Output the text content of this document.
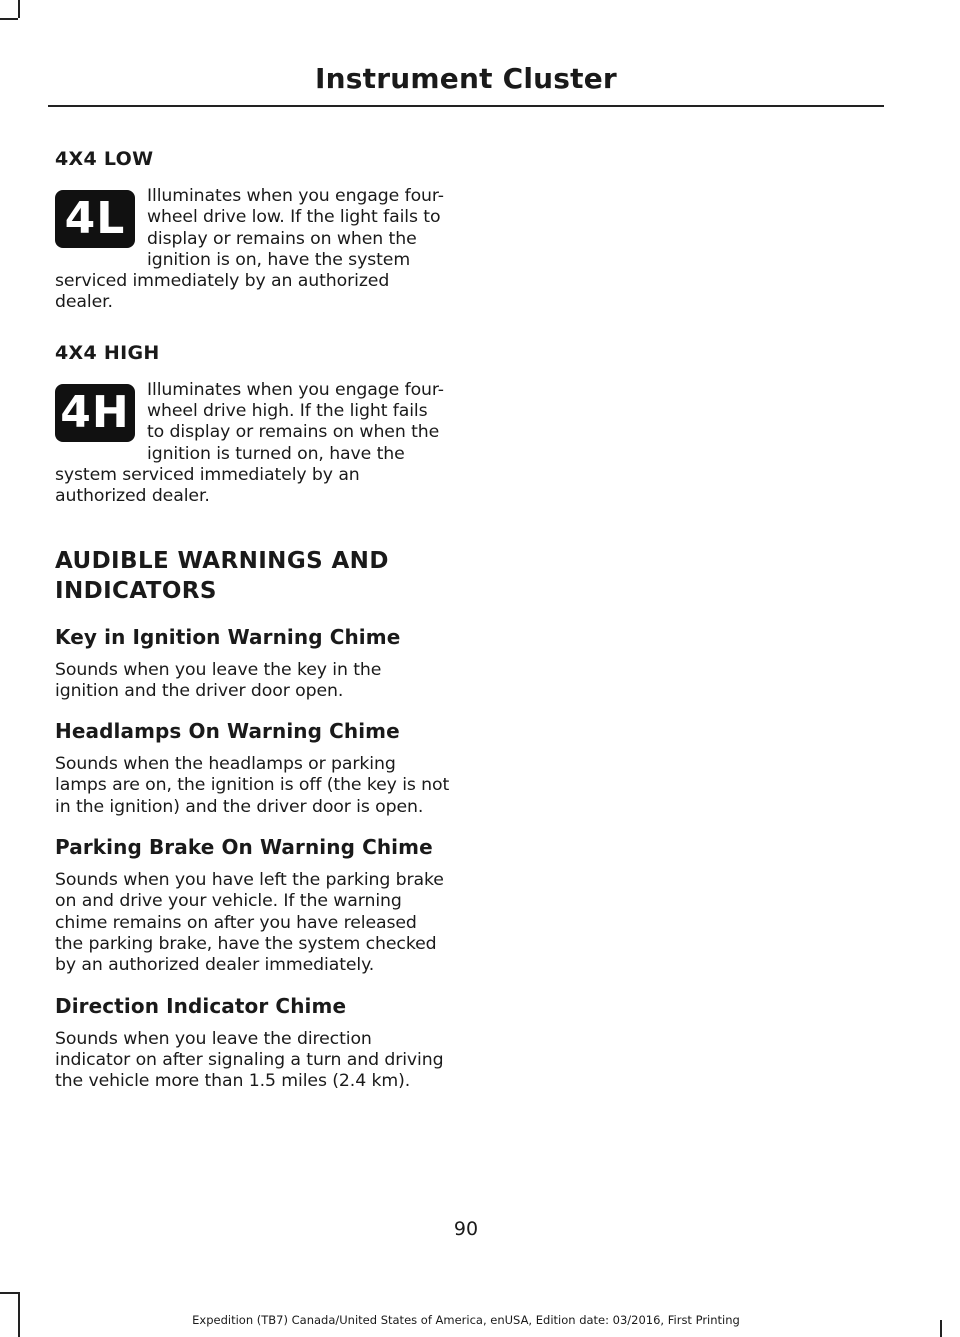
Instrument Cluster
4X4 LOW
4L	Illuminates when you engage four-wheel drive low. If the light fails to display or remains on when the ignition is on, have the system serviced immediately by an authorized dealer.

4X4 HIGH
4H Illuminates when you engage four-wheel drive high. If the light fails to display or remains on when the ignition is turned on, have the system serviced immediately by an authorized dealer.

AUDIBLE WARNINGS AND INDICATORS
Key in Ignition Warning Chime

Sounds when you leave the key in the ignition and the driver door open.

Headlamps On Warning Chime

Sounds when the headlamps or parking lamps are on, the ignition is off (the key is not in the ignition) and the driver door is open.

Parking Brake On Warning Chime

Sounds when you have left the parking brake on and drive your vehicle. If the warning chime remains on after you have released the parking brake, have the system checked by an authorized dealer immediately.

Direction Indicator Chime

Sounds when you leave the direction indicator on after signaling a turn and driving the vehicle more than 1.5 miles (2.4 km).

90
Expedition (TB7) Canada/United States of America, enUSA, Edition date: 03/2016, First Printing
